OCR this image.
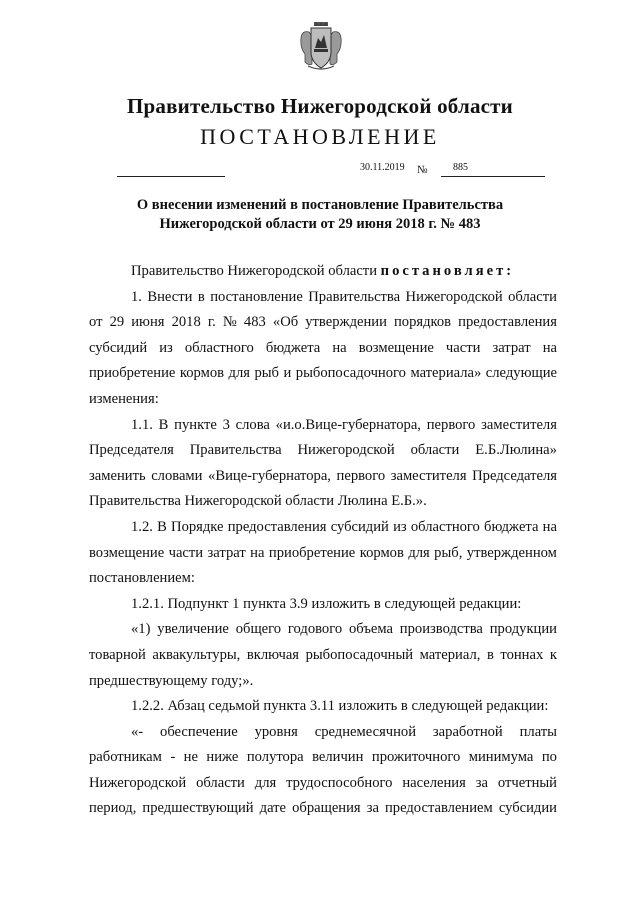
Правительство Нижегородской области
ПОСТАНОВЛЕНИЕ
30.11.2019 №	885
О внесении изменений в постановление Правительства
Нижегородской области от 29 июня 2018 г. № 483
Правительство Нижегородской области постановляет:
1. Внести в постановление Правительства Нижегородской области
от 29 июня 2018 г. № 483 «Об утверждении порядков предоставления
субсидий из областного бюджета на возмещение части затрат на
приобретение кормов для рыб и рыбопосадочного материала» следующие
изменения:
1.1. В пункте 3 слова «и.о.Вице-губернатора, первого заместителя
Председателя Правительства Нижегородской области Е.Б.Люлина»
заменить словами «Вице-губернатора, первого заместителя Председателя
Правительства Нижегородской области Люлина Е.Б.».
1.2. В Порядке предоставления субсидий из областного бюджета на
возмещение части затрат на приобретение кормов для рыб, утвержденном
постановлением:
1.2.1. Подпункт 1 пункта 3.9 изложить в следующей редакции:
«1) увеличение общего годового объема производства продукции
товарной аквакультуры, включая рыбопосадочный материал, в тоннах к
предшествующему году;».
1.2.2. Абзац седьмой пункта 3.11 изложить в следующей редакции:
«- обеспечение уровня среднемесячной заработной платы
работникам - не ниже полутора величин прожиточного минимума по
Нижегородской области для трудоспособного населения за отчетный
период, предшествующий дате обращения за предоставлением субсидии
